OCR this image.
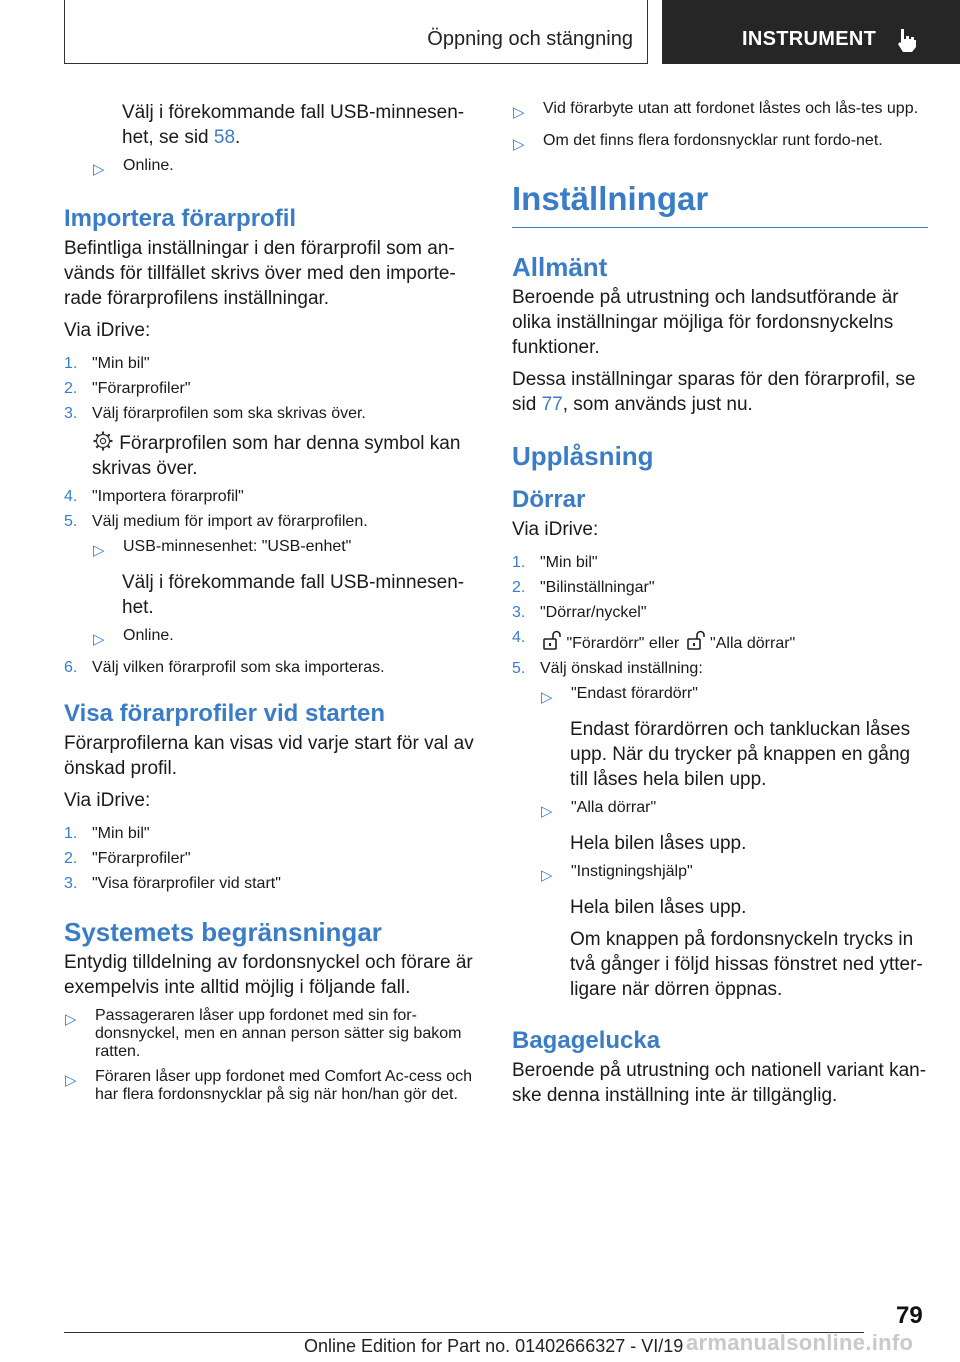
Öppning och stängning	INSTRUMENT

Välj i förekommande fall USB-minnesen-het, se sid 58.

▷	Online.
Importera förarprofil

Befintliga inställningar i den förarprofil som an-vänds för tillfället skrivs över med den importe-rade förarprofilens inställningar.

Via iDrive:

1. "Min bil"
2. "Förarprofiler"
3. Välj förarprofilen som ska skrivas över.

Förarprofilen som har denna symbol kan skrivas över.

4. "Importera förarprofil"
5. Välj medium för import av förarprofilen.
▷	USB-minnesenhet: "USB-enhet"

Välj i förekommande fall USB-minnesen-het.

▷	Online.
6. Välj vilken förarprofil som ska importeras.
Visa förarprofiler vid starten

Förarprofilerna kan visas vid varje start för val av önskad profil.

Via iDrive:

1. "Min bil"
2. "Förarprofiler"
3. "Visa förarprofiler vid start"
Systemets begränsningar

Entydig tilldelning av fordonsnyckel och förare är exempelvis inte alltid möjlig i följande fall.

▷	Passageraren låser upp fordonet med sin for-donsnyckel, men en annan person sätter sig bakom ratten.
▷	Föraren låser upp fordonet med Comfort Ac-cess och har flera fordonsnycklar på sig när hon/han gör det.
▷	Vid förarbyte utan att fordonet låstes och lås-tes upp.
▷	Om det finns flera fordonsnycklar runt fordo-net.
Inställningar
Allmänt

Beroende på utrustning och landsutförande är olika inställningar möjliga för fordonsnyckelns funktioner.

Dessa inställningar sparas för den förarprofil, se sid 77, som används just nu.

Upplåsning
Dörrar

Via iDrive:

1. "Min bil"
2. "Bilinställningar"
3. "Dörrar/nyckel"
4.	"Förardörr" eller  "Alla dörrar"
5. Välj önskad inställning:
▷	"Endast förardörr"

Endast förardörren och tankluckan låses upp. När du trycker på knappen en gång till låses hela bilen upp.

▷	"Alla dörrar"

Hela bilen låses upp.

▷	"Instigningshjälp"

Hela bilen låses upp.

Om knappen på fordonsnyckeln trycks in två gånger i följd hissas fönstret ned ytter-ligare när dörren öppnas.

Bagagelucka

Beroende på utrustning och nationell variant kan-ske denna inställning inte är tillgänglig.

79
Online Edition for Part no. 01402666327 - VI/19 armanualsonline.info
